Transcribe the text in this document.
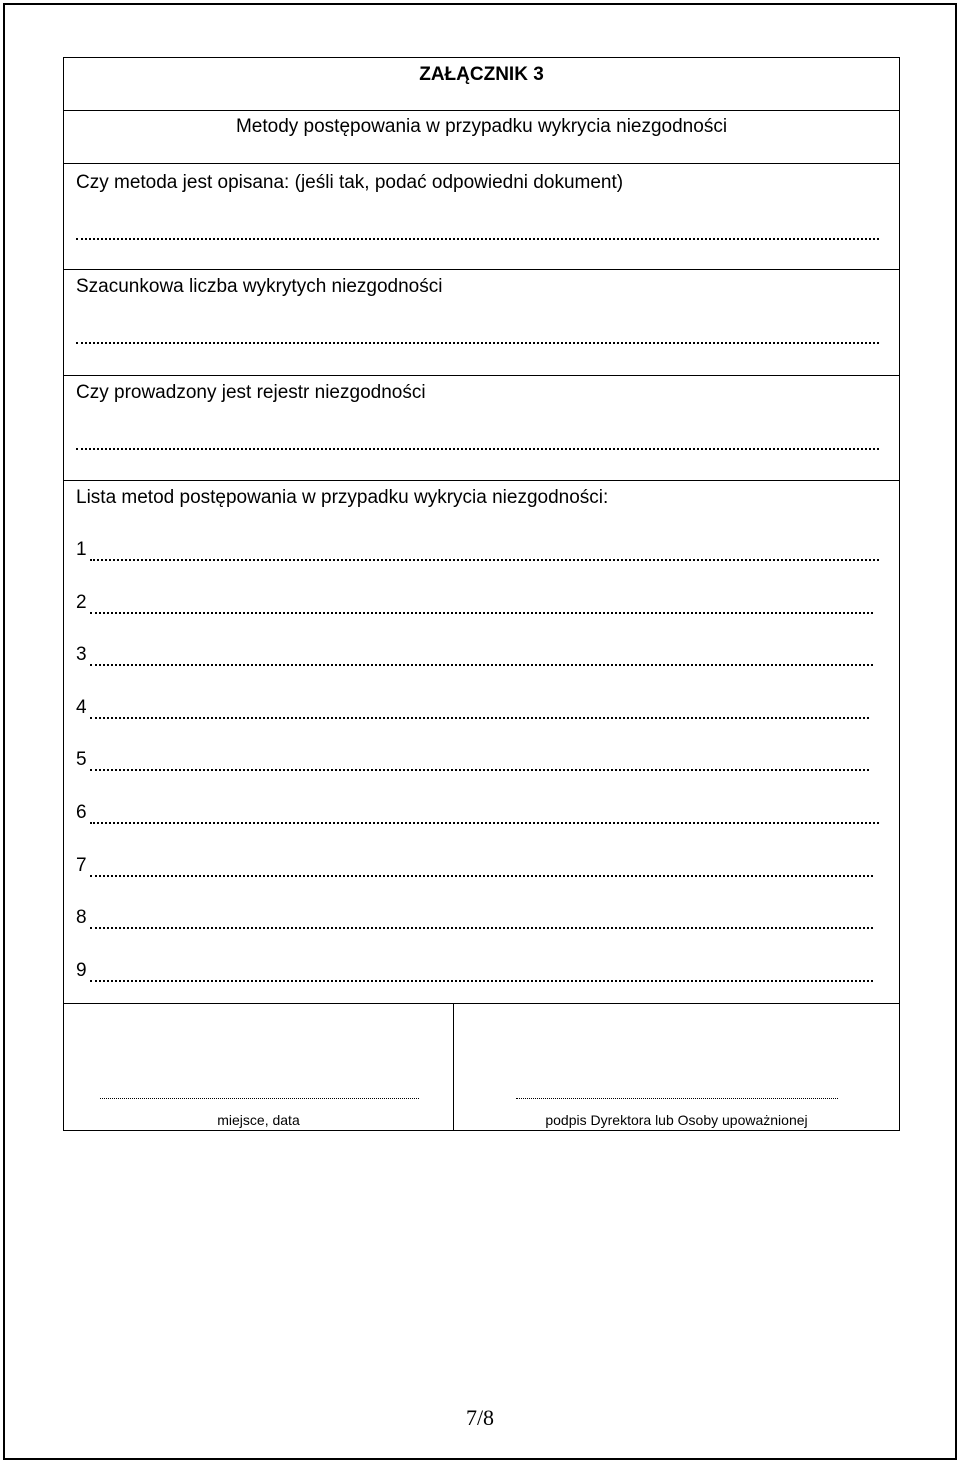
ZAŁĄCZNIK 3
Metody postępowania w przypadku wykrycia niezgodności
Czy metoda jest opisana: (jeśli tak, podać odpowiedni dokument)
Szacunkowa liczba wykrytych niezgodności
Czy prowadzony jest rejestr niezgodności
Lista metod postępowania w przypadku wykrycia niezgodności:
1
2
3
4
5
6
7
8
9
miejsce, data	podpis Dyrektora lub Osoby upoważnionej
7/8
